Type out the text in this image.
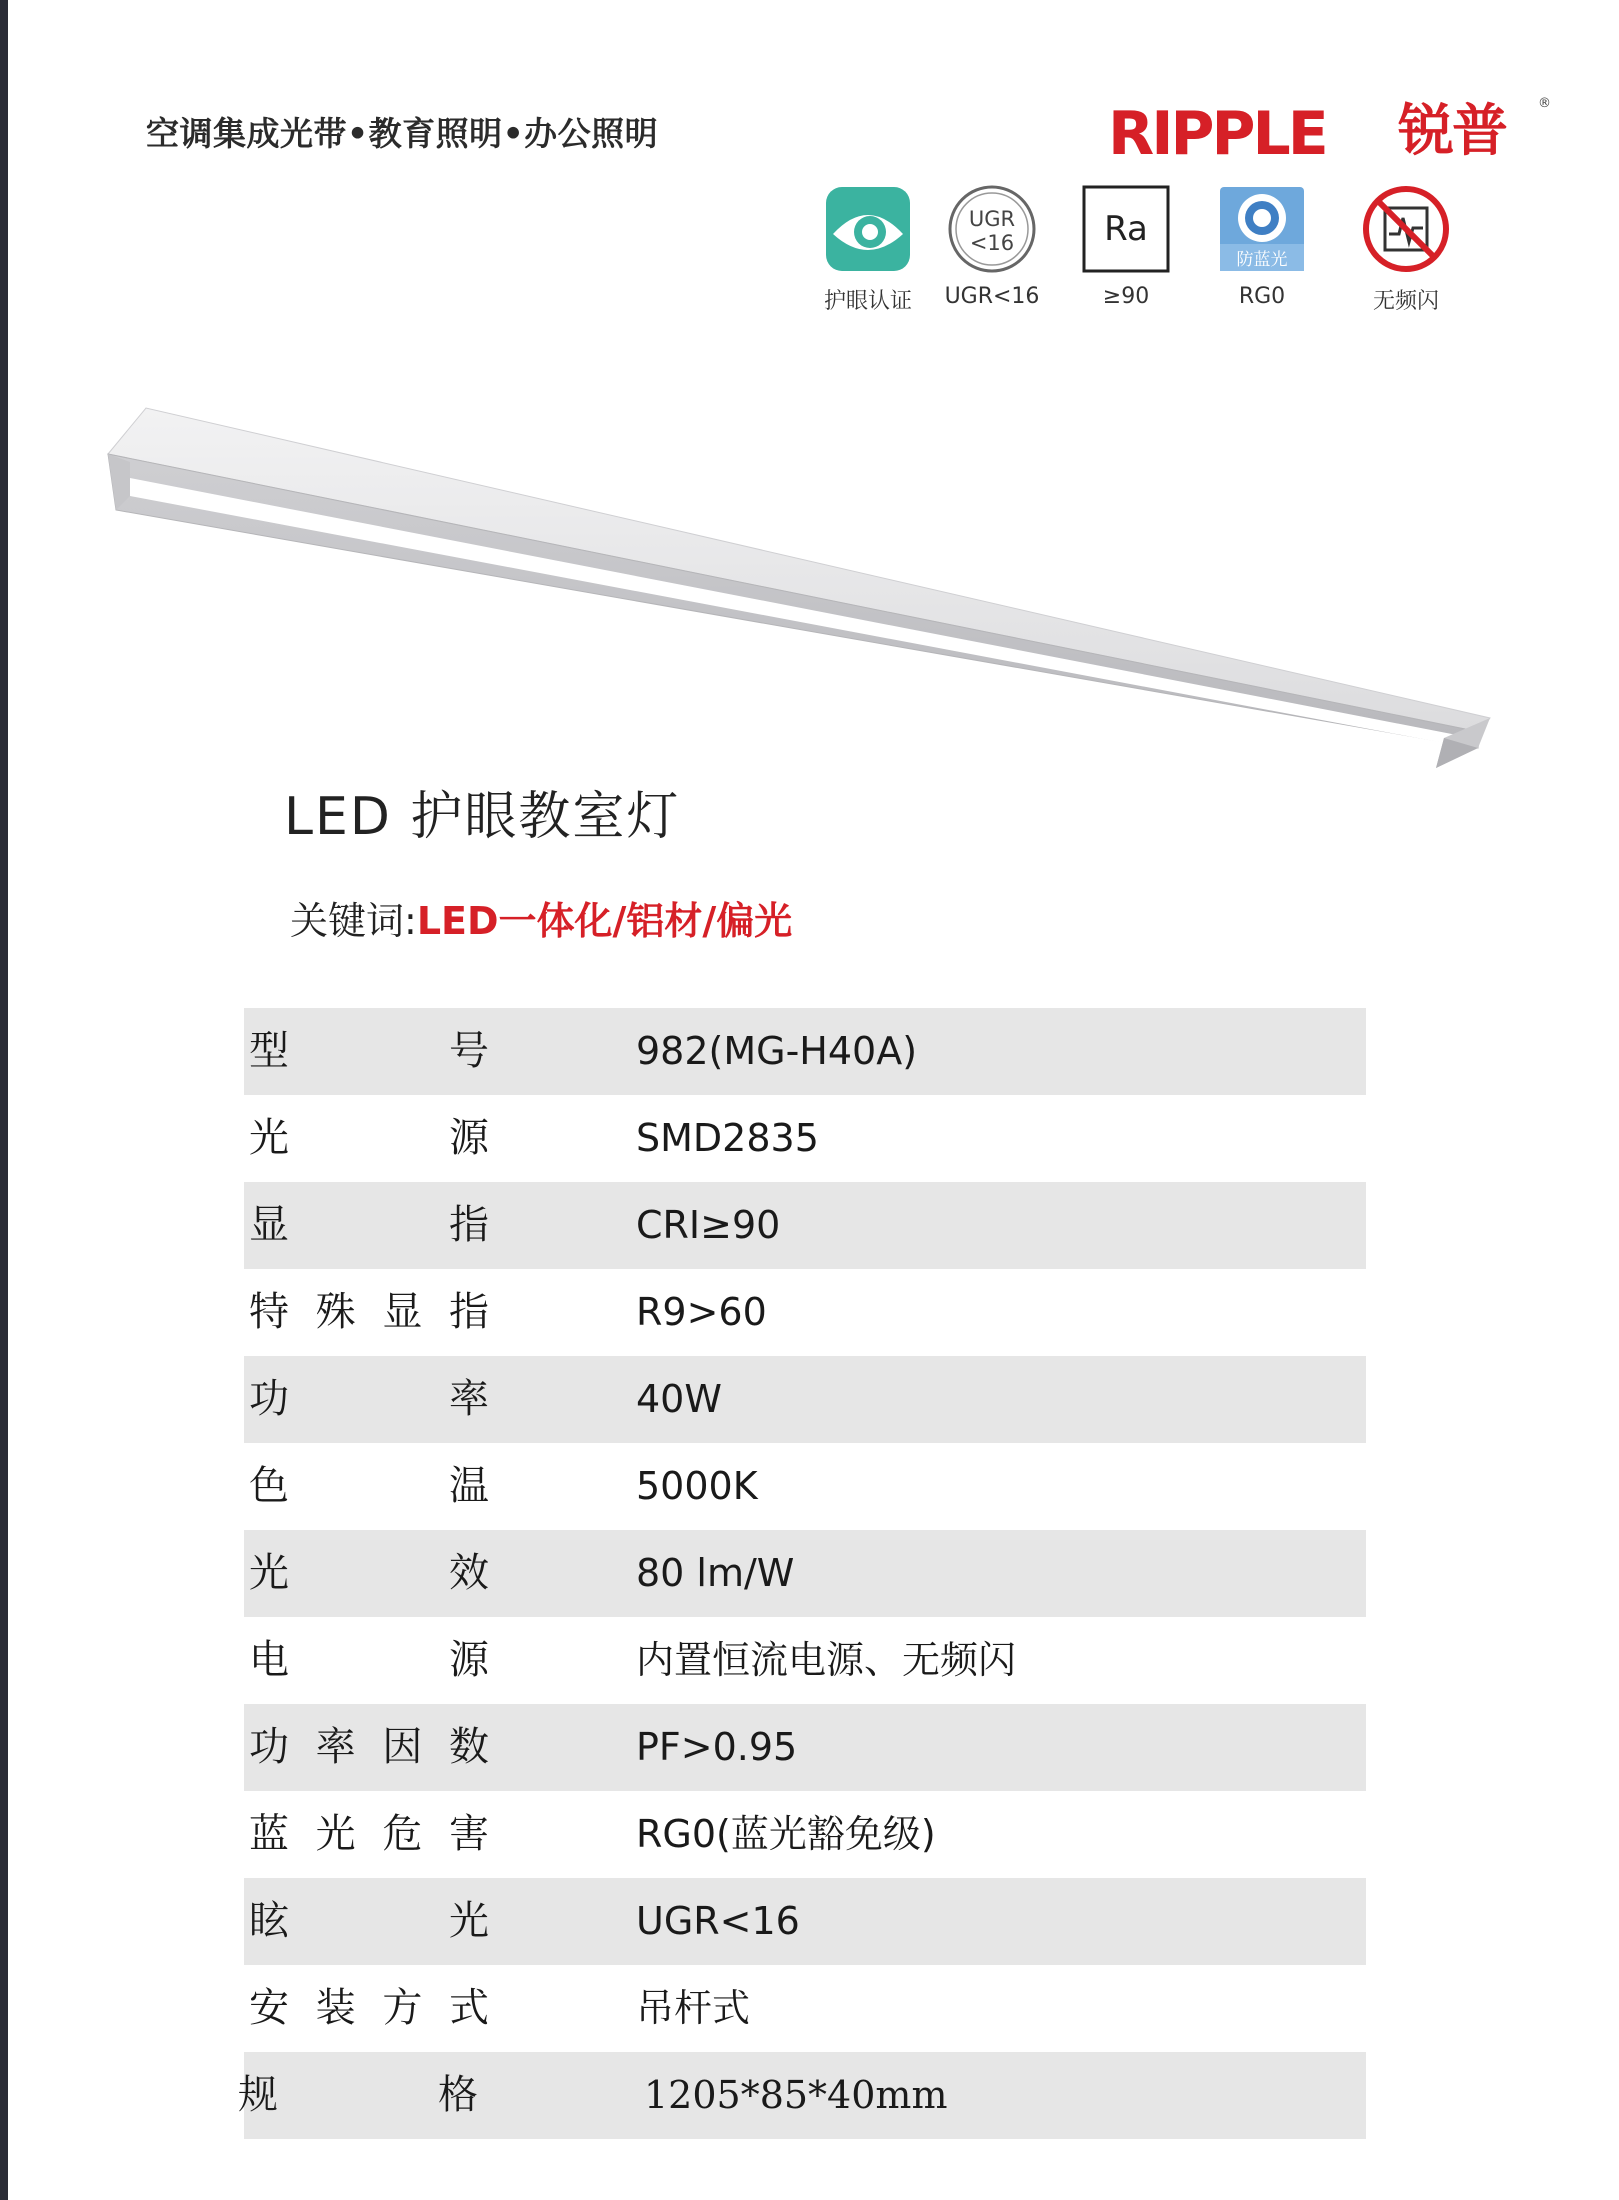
空调集成光带•教育照明•办公照明	RIPPLE 锐普 ®
护眼认证
UGR
<16
UGR<16
Ra
≥90
防蓝光
RG0	无频闪
LED 护眼教室灯
关键词:LED一体化/铝材/偏光
型	号	982(MG-H40A)
光	源	SMD2835
显	指	CRI≥90
特 殊 显 指	R9>60
功	率	40W
色	温	5000K
光	效	80 lm/W
电	源	内置恒流电源、无频闪
功 率 因 数	PF>0.95
蓝 光 危 害	RG0(蓝光豁免级)
眩	光	UGR<16
安 装 方 式	吊杆式
规	格	1205*85*40mm
